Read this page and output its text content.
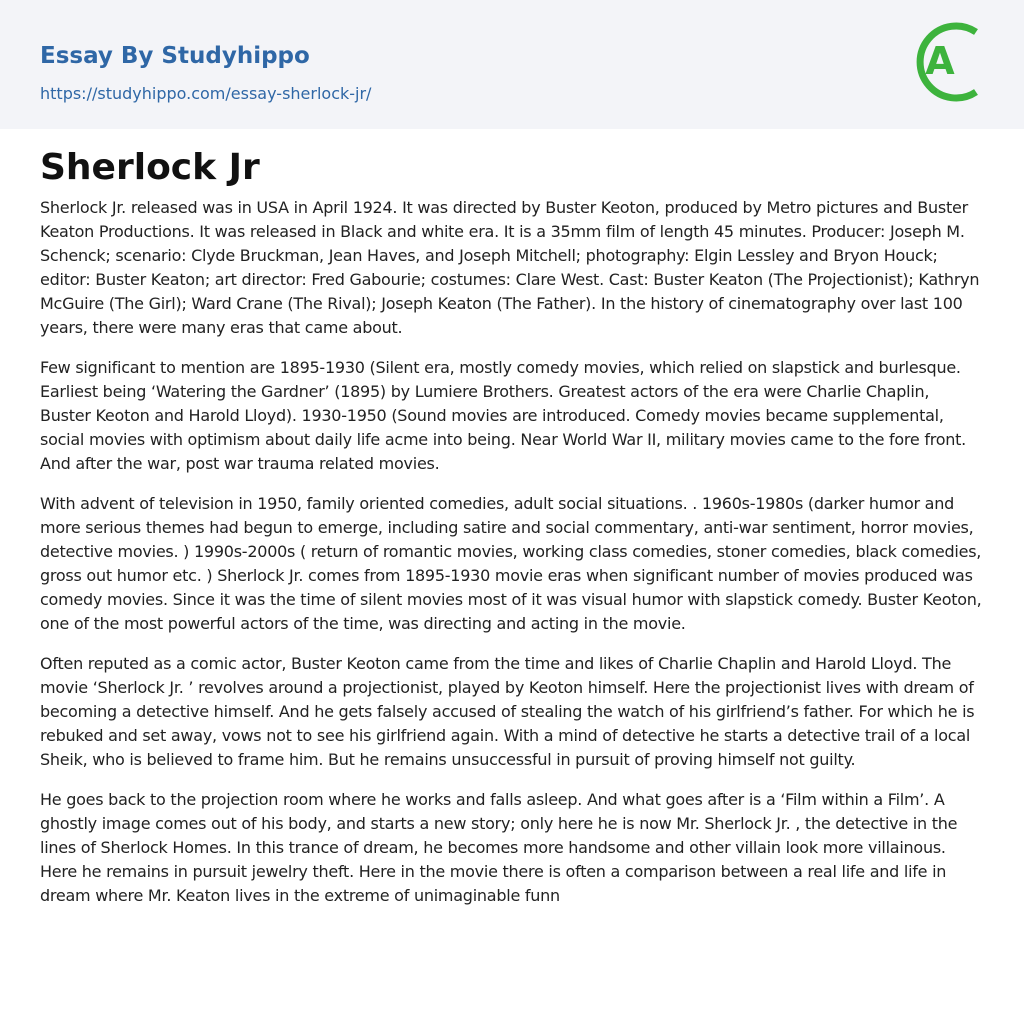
Essay By Studyhippo
https://studyhippo.com/essay-sherlock-jr/
A
Sherlock Jr

Sherlock Jr. released was in USA in April 1924. It was directed by Buster Keoton, produced by Metro pictures and Buster Keaton Productions. It was released in Black and white era. It is a 35mm film of length 45 minutes. Producer: Joseph M. Schenck; scenario: Clyde Bruckman, Jean Haves, and Joseph Mitchell; photography: Elgin Lessley and Bryon Houck; editor: Buster Keaton; art director: Fred Gabourie; costumes: Clare West. Cast: Buster Keaton (The Projectionist); Kathryn McGuire (The Girl); Ward Crane (The Rival); Joseph Keaton (The Father). In the history of cinematography over last 100 years, there were many eras that came about.

Few significant to mention are 1895-1930 (Silent era, mostly comedy movies, which relied on slapstick and burlesque. Earliest being ‘Watering the Gardner’ (1895) by Lumiere Brothers. Greatest actors of the era were Charlie Chaplin, Buster Keoton and Harold Lloyd). 1930-1950 (Sound movies are introduced. Comedy movies became supplemental, social movies with optimism about daily life acme into being. Near World War II, military movies came to the fore front. And after the war, post war trauma related movies.

With advent of television in 1950, family oriented comedies, adult social situations. . 1960s-1980s (darker humor and more serious themes had begun to emerge, including satire and social commentary, anti-war sentiment, horror movies, detective movies. ) 1990s-2000s ( return of romantic movies, working class comedies, stoner comedies, black comedies, gross out humor etc. ) Sherlock Jr. comes from 1895-1930 movie eras when significant number of movies produced was comedy movies. Since it was the time of silent movies most of it was visual humor with slapstick comedy. Buster Keoton, one of the most powerful actors of the time, was directing and acting in the movie.

Often reputed as a comic actor, Buster Keoton came from the time and likes of Charlie Chaplin and Harold Lloyd. The movie ‘Sherlock Jr. ’ revolves around a projectionist, played by Keoton himself. Here the projectionist lives with dream of becoming a detective himself. And he gets falsely accused of stealing the watch of his girlfriend’s father. For which he is rebuked and set away, vows not to see his girlfriend again. With a mind of detective he starts a detective trail of a local Sheik, who is believed to frame him. But he remains unsuccessful in pursuit of proving himself not guilty.

He goes back to the projection room where he works and falls asleep. And what goes after is a ‘Film within a Film’. A ghostly image comes out of his body, and starts a new story; only here he is now Mr. Sherlock Jr. , the detective in the lines of Sherlock Homes. In this trance of dream, he becomes more handsome and other villain look more villainous. Here he remains in pursuit jewelry theft. Here in the movie there is often a comparison between a real life and life in dream where Mr. Keaton lives in the extreme of unimaginable funn
